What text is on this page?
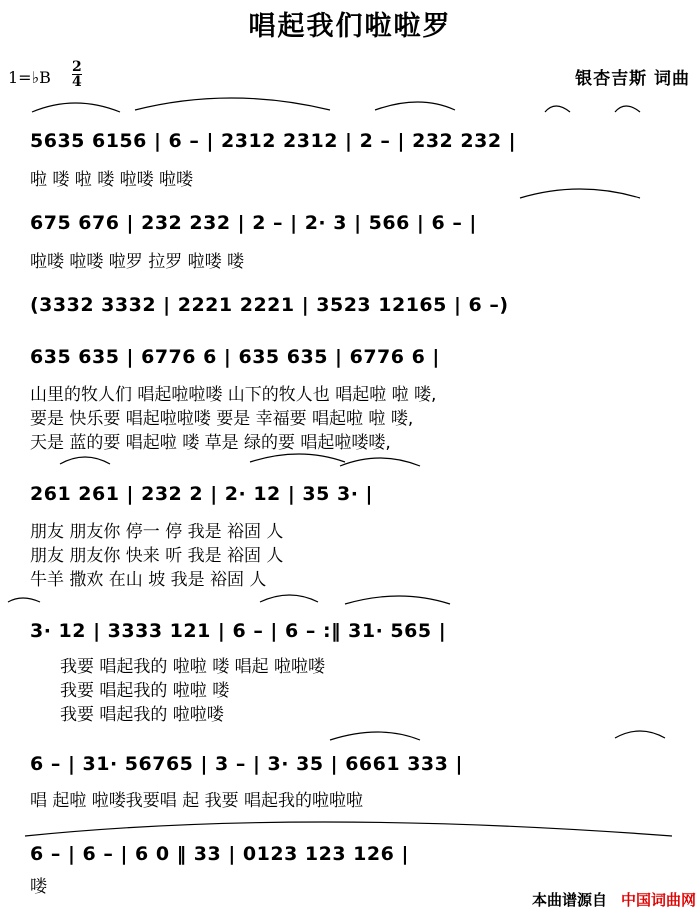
唱起我们啦啦罗
1=♭B $\frac{2}{4}$	银杏吉斯 词曲
5635 6156 | 6 – | 2312 2312 | 2 – | 232 232 |
啦 喽 啦 喽 啦喽 啦喽
675 676 | 232 232 | 2 – | 2· 3 | 566 | 6 – |
啦喽 啦喽 啦罗 拉罗 啦喽 喽
(3332 3332 | 2221 2221 | 3523 12165 | 6 –)
635 635 | 6776 6 | 635 635 | 6776 6 |
山里的牧人们 唱起啦啦喽 山下的牧人也 唱起啦 啦 喽,
要是 快乐要 唱起啦啦喽 要是 幸福要 唱起啦 啦 喽,
天是 蓝的要 唱起啦 喽 草是 绿的要 唱起啦喽喽,
261 261 | 232 2 | 2· 12 | 35 3· |
朋友 朋友你 停一 停 我是 裕固 人
朋友 朋友你 快来 听 我是 裕固 人
牛羊 撒欢 在山 坡 我是 裕固 人
3· 12 | 3333 121 | 6 – | 6 – :‖ 31· 565 |
我要 唱起我的 啦啦 喽 唱起 啦啦喽
我要 唱起我的 啦啦 喽
我要 唱起我的 啦啦喽
6 – | 31· 56765 | 3 – | 3· 35 | 6661 333 |
唱 起啦 啦喽我要唱 起 我要 唱起我的啦啦啦
6 – | 6 – | 6 0 ‖ 33 | 0123 123 126 |
喽
本曲谱源自 中国词曲网
